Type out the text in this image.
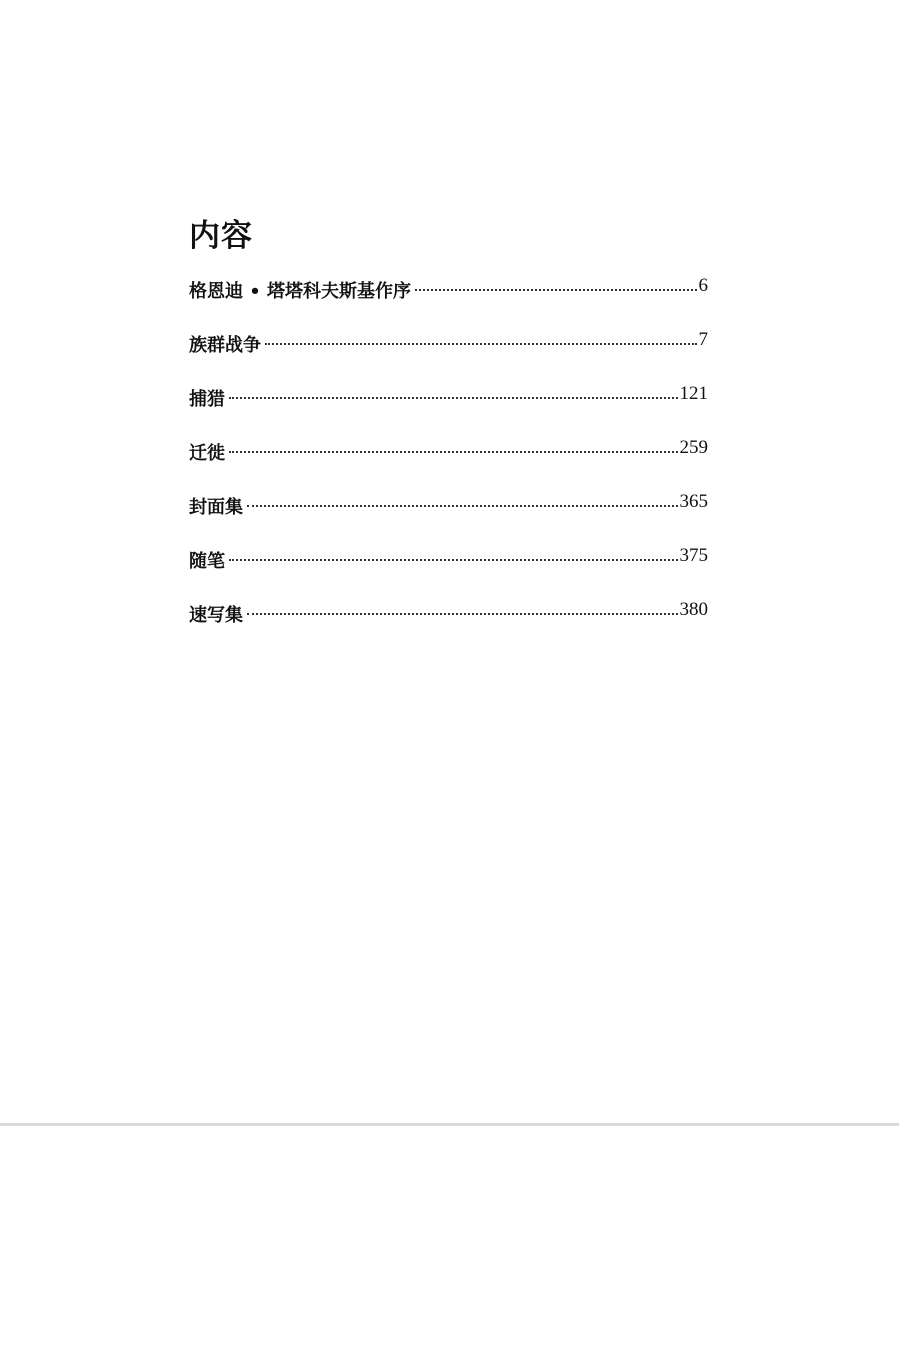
内容
格恩迪 • 塔塔科夫斯基作序	6
族群战争	7
捕猎	121
迁徙	259
封面集	365
随笔	375
速写集	380
